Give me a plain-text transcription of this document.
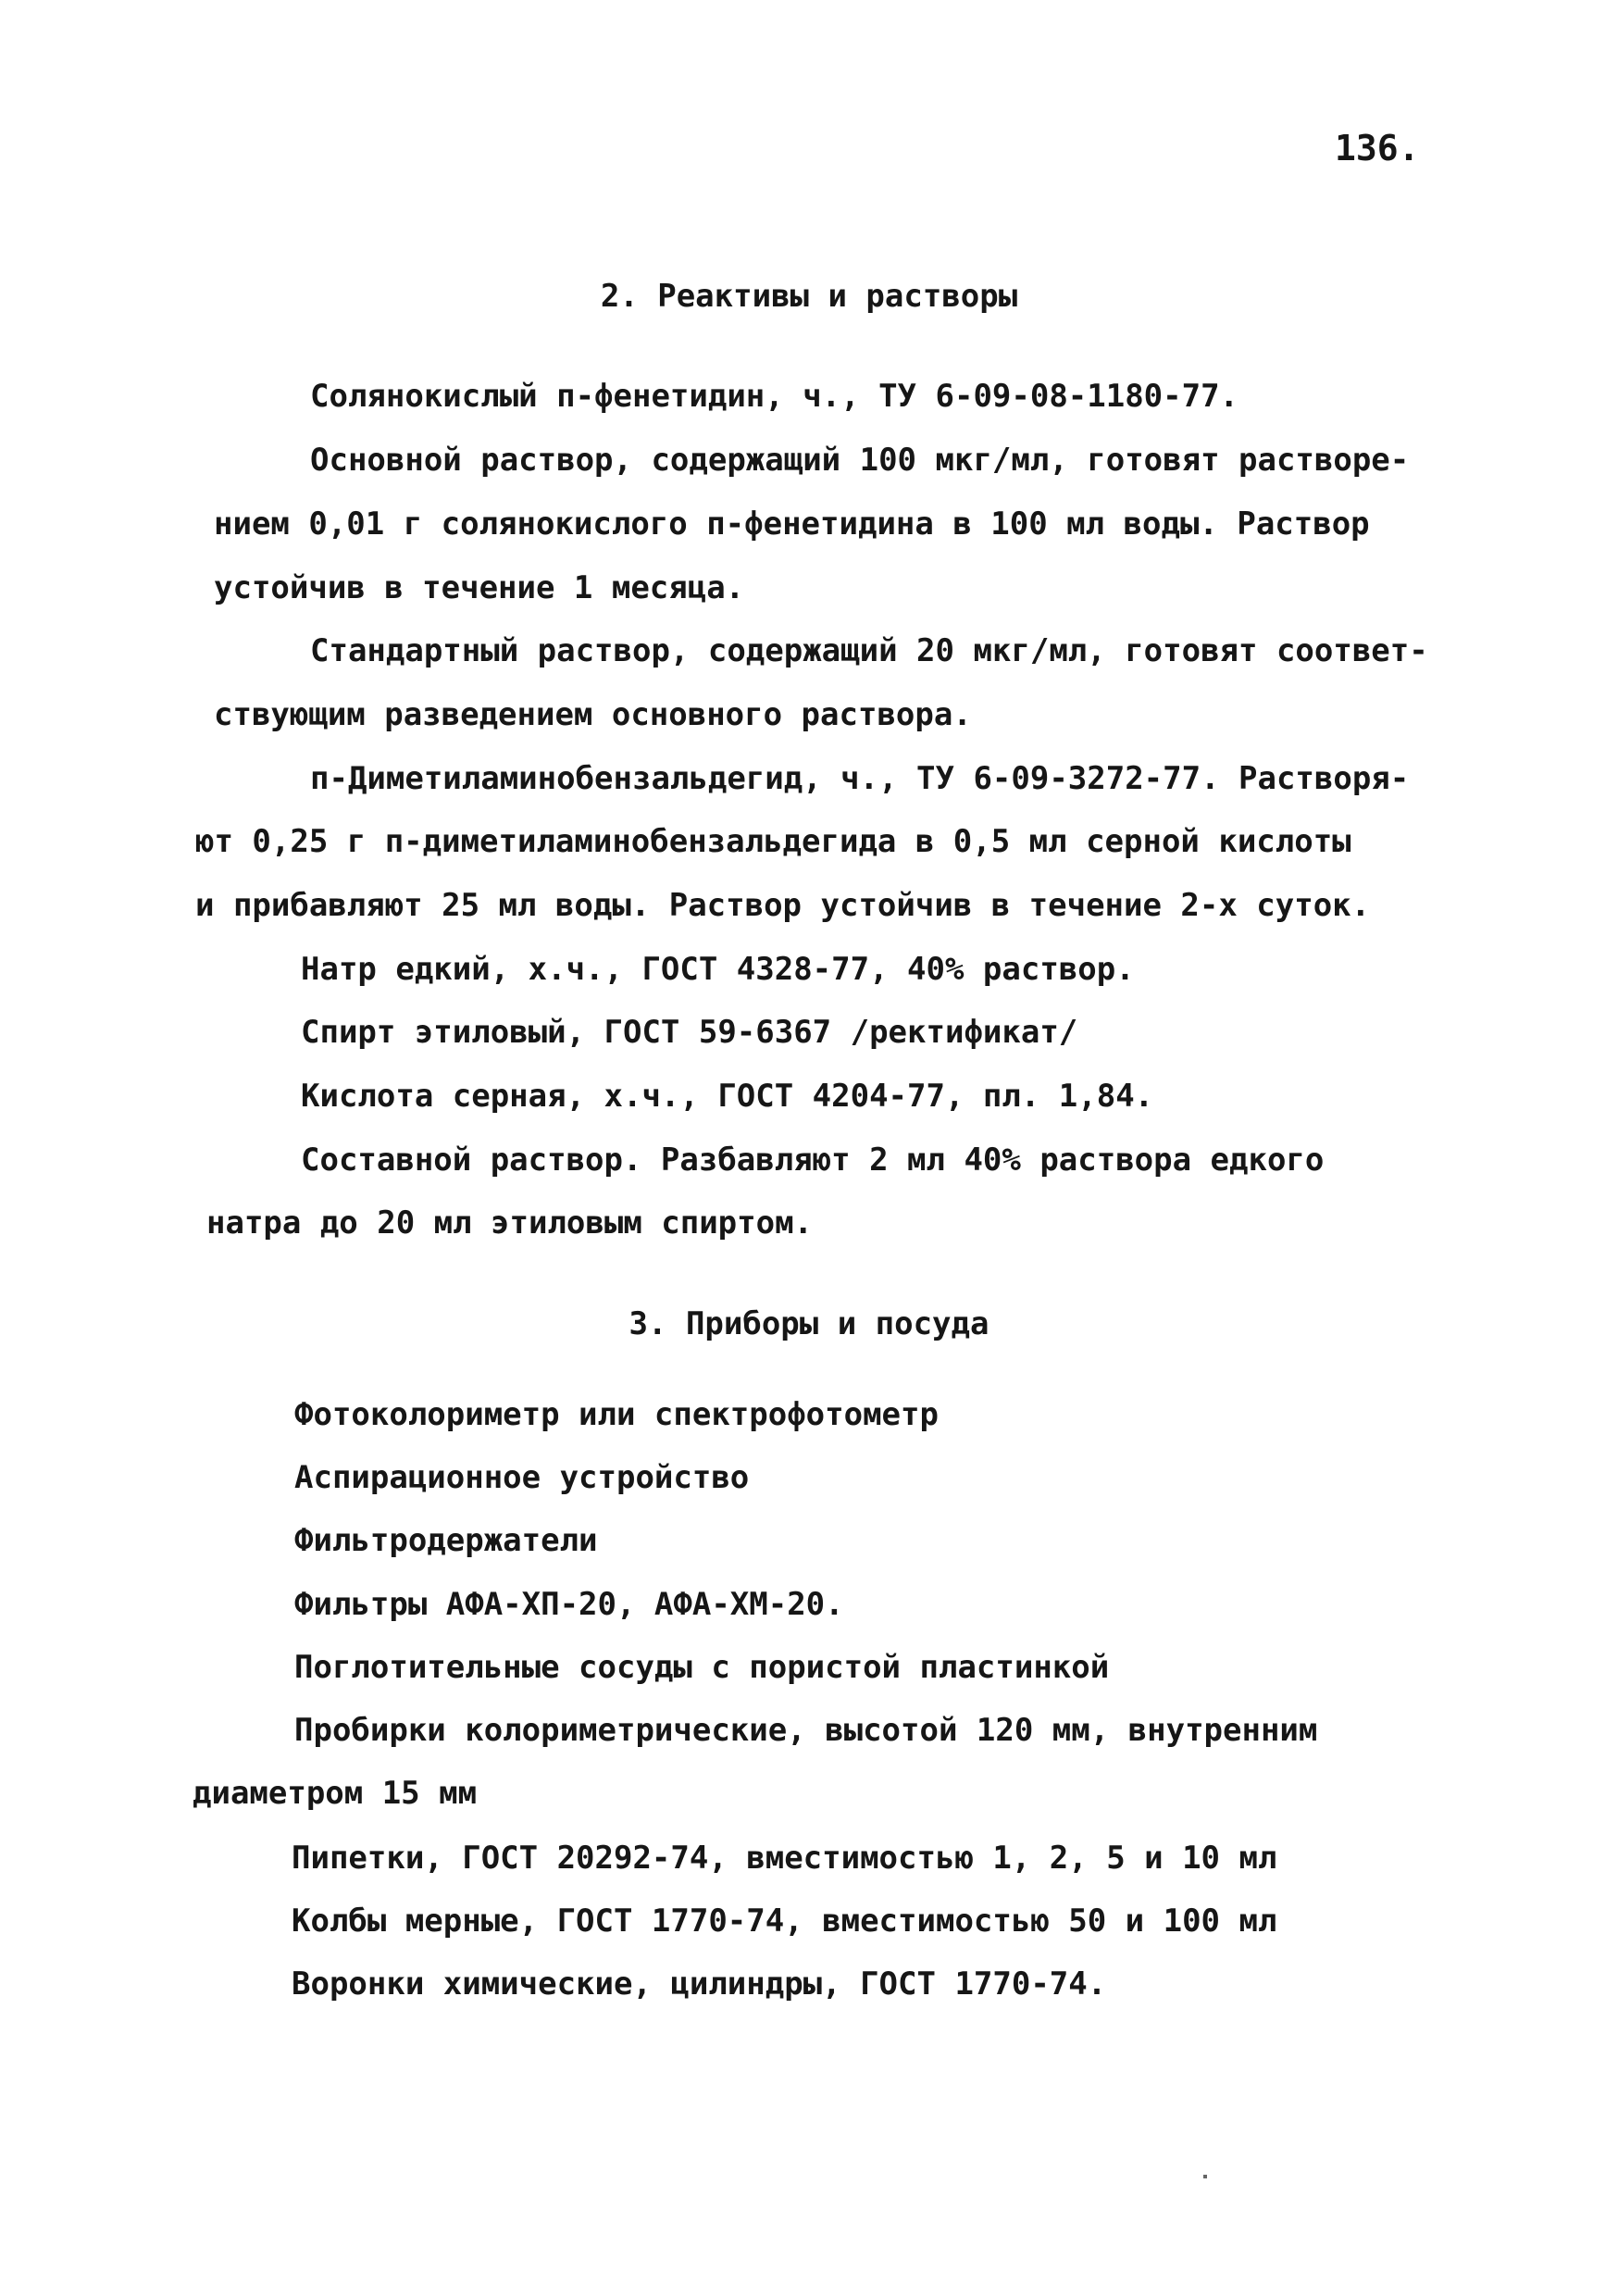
136.
2. Реактивы и растворы
Солянокислый п-фенетидин, ч., ТУ 6-09-08-1180-77.
Основной раствор, содержащий 100 мкг/мл, готовят растворе-
нием 0,01 г солянокислого п-фенетидина в 100 мл воды. Раствор
устойчив в течение 1 месяца.
Стандартный раствор, содержащий 20 мкг/мл, готовят соответ-
ствующим разведением основного раствора.
п-Диметиламинобензальдегид, ч., ТУ 6-09-3272-77. Растворя-
ют 0,25 г п-диметиламинобензальдегида в 0,5 мл серной кислоты
и прибавляют 25 мл воды. Раствор устойчив в течение 2-х суток.
Натр едкий, х.ч., ГОСТ 4328-77, 40% раствор.
Спирт этиловый, ГОСТ 59-6367 /ректификат/
Кислота серная, х.ч., ГОСТ 4204-77, пл. 1,84.
Составной раствор. Разбавляют 2 мл 40% раствора едкого
натра до 20 мл этиловым спиртом.
3. Приборы и посуда
Фотоколориметр или спектрофотометр
Аспирационное устройство
Фильтродержатели
Фильтры АФА-ХП-20, АФА-ХМ-20.
Поглотительные сосуды с пористой пластинкой
Пробирки колориметрические, высотой 120 мм, внутренним
диаметром 15 мм
Пипетки, ГОСТ 20292-74, вместимостью 1, 2, 5 и 10 мл
Колбы мерные, ГОСТ 1770-74, вместимостью 50 и 100 мл
Воронки химические, цилиндры, ГОСТ 1770-74.
